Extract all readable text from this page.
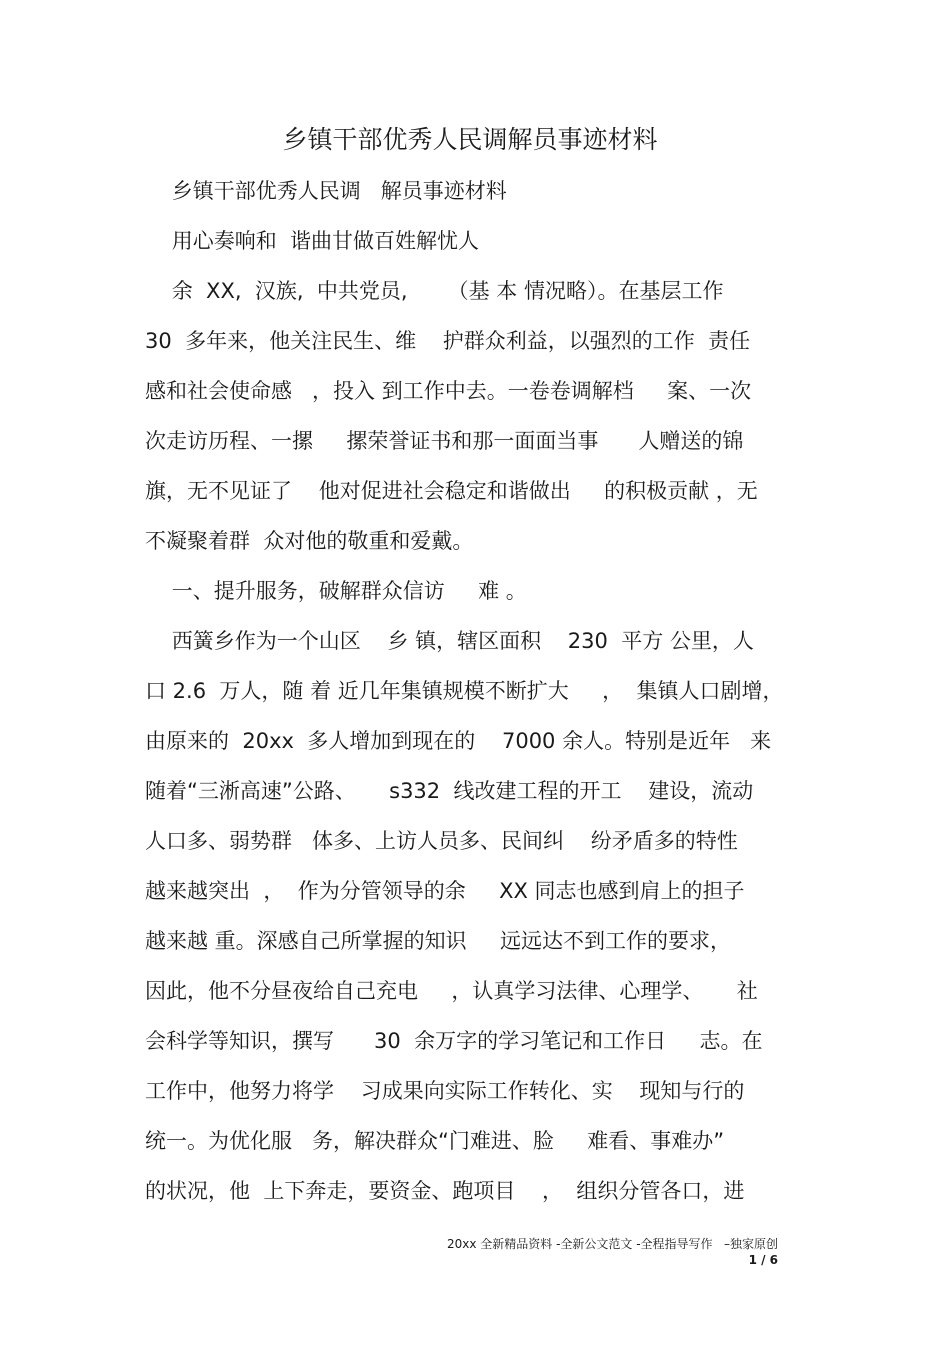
乡镇干部优秀人民调解员事迹材料
乡镇干部优秀人民调   解员事迹材料
用心奏响和  谐曲甘做百姓解忧人
余  XX,  汉族,  中共党员,      （基 本 情况略）。在基层工作
30  多年来，他关注民生、维    护群众利益，以强烈的工作  责任
感和社会使命感   ，投入 到工作中去。一卷卷调解档     案、一次
次走访历程、一摞     摞荣誉证书和那一面面当事      人赠送的锦
旗，无不见证了    他对促进社会稳定和谐做出     的积极贡献 ，无
不凝聚着群  众对他的敬重和爱戴。
一、提升服务，破解群众信访     难 。
西簧乡作为一个山区    乡 镇，辖区面积    230  平方 公里，人
口 2.6  万人，随 着 近几年集镇规模不断扩大     ，  集镇人口剧增，
由原来的  20xx  多人增加到现在的    7000 余人。特别是近年   来
随着“三淅高速”公路、     s332  线改建工程的开工    建设，流动
人口多、弱势群   体多、上访人员多、民间纠    纷矛盾多的特性
越来越突出  ，  作为分管领导的余     XX 同志也感到肩上的担子
越来越 重。深感自己所掌握的知识     远远达不到工作的要求，
因此，他不分昼夜给自己充电     ，认真学习法律、心理学、     社
会科学等知识，撰写      30  余万字的学习笔记和工作日     志。在
工作中，他努力将学    习成果向实际工作转化、实    现知与行的
统一。为优化服   务，解决群众“门难进、脸     难看、事难办”
的状况，他  上下奔走，要资金、跑项目    ，  组织分管各口，进
20xx 全新精品资料 -全新公文范文 -全程指导写作   –独家原创
1 / 6
